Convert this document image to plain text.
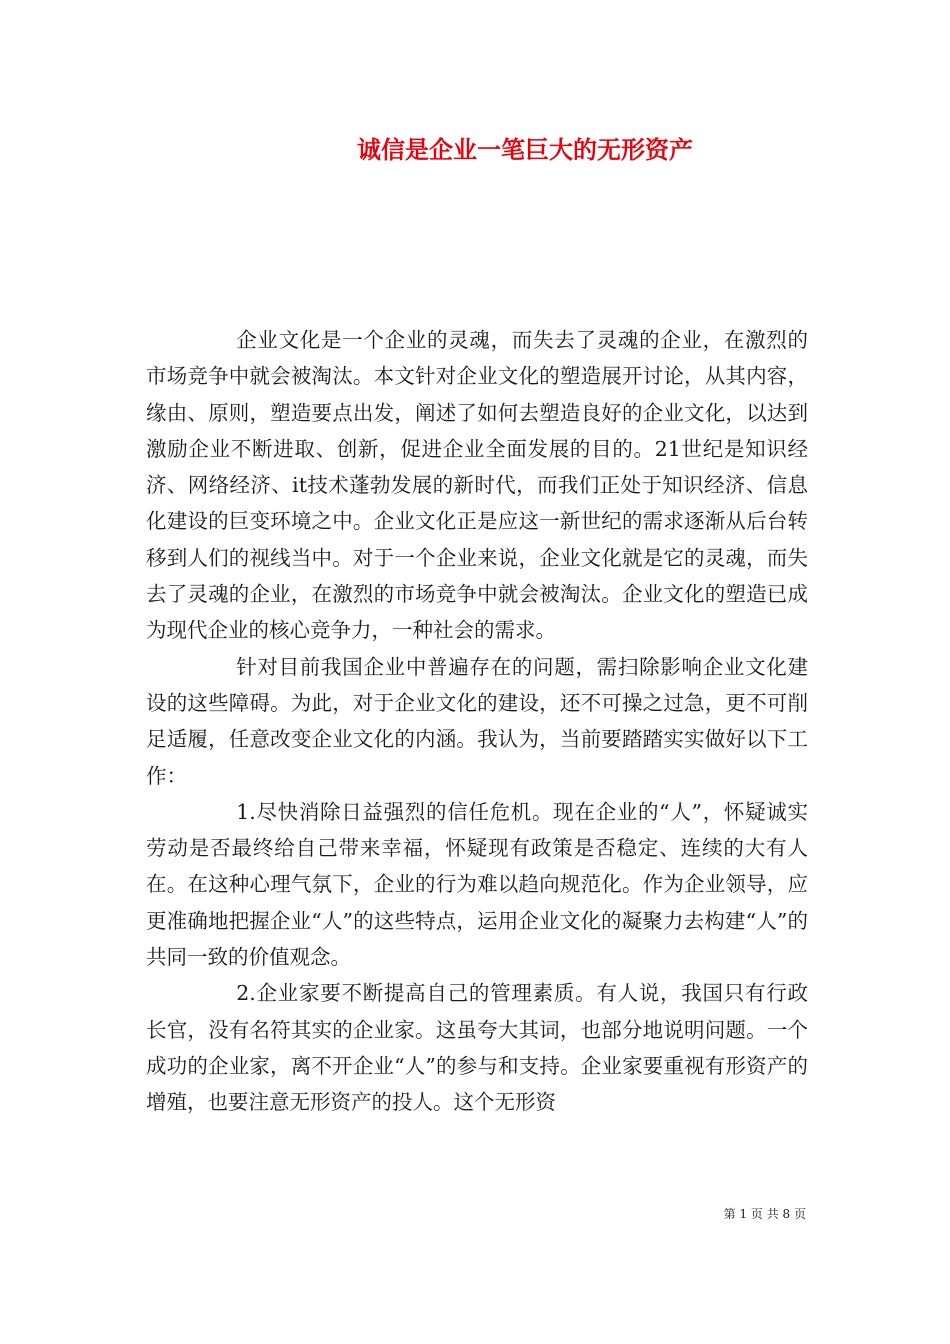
诚信是企业一笔巨大的无形资产

企业文化是一个企业的灵魂，而失去了灵魂的企业，在激烈的市场竞争中就会被淘汰。本文针对企业文化的塑造展开讨论，从其内容，缘由、原则，塑造要点出发，阐述了如何去塑造良好的企业文化，以达到激励企业不断进取、创新，促进企业全面发展的目的。21世纪是知识经济、网络经济、it技术蓬勃发展的新时代，而我们正处于知识经济、信息化建设的巨变环境之中。企业文化正是应这一新世纪的需求逐渐从后台转移到人们的视线当中。对于一个企业来说，企业文化就是它的灵魂，而失去了灵魂的企业，在激烈的市场竞争中就会被淘汰。企业文化的塑造已成为现代企业的核心竞争力，一种社会的需求。

针对目前我国企业中普遍存在的问题，需扫除影响企业文化建设的这些障碍。为此，对于企业文化的建设，还不可操之过急，更不可削足适履，任意改变企业文化的内涵。我认为，当前要踏踏实实做好以下工作：

1.尽快消除日益强烈的信任危机。现在企业的“人”，怀疑诚实劳动是否最终给自己带来幸福，怀疑现有政策是否稳定、连续的大有人在。在这种心理气氛下，企业的行为难以趋向规范化。作为企业领导，应更准确地把握企业“人”的这些特点，运用企业文化的凝聚力去构建“人”的共同一致的价值观念。

2.企业家要不断提高自己的管理素质。有人说，我国只有行政长官，没有名符其实的企业家。这虽夸大其词，也部分地说明问题。一个成功的企业家，离不开企业“人”的参与和支持。企业家要重视有形资产的增殖，也要注意无形资产的投人。这个无形资

第 1 页 共 8 页
